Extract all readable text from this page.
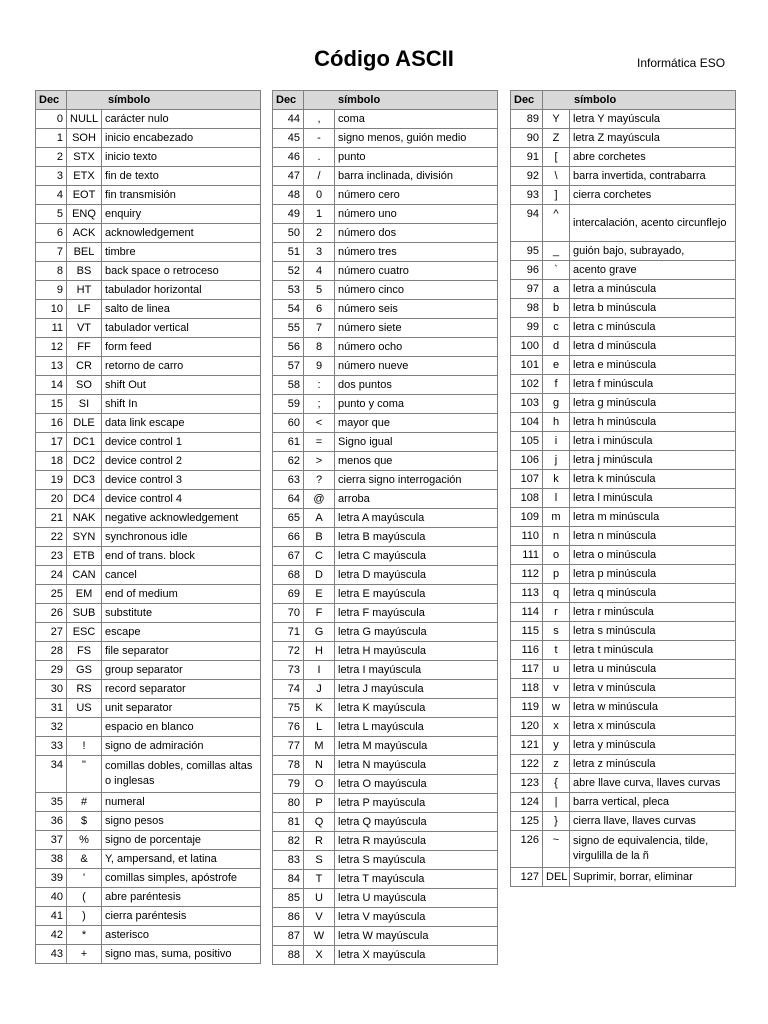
Código ASCII	Informática ESO
Dec	símbolo	
0	NULL	carácter nulo
1	SOH	inicio encabezado
2	STX	inicio texto
3	ETX	fin de texto
4	EOT	fin transmisión
5	ENQ	enquiry
6	ACK	acknowledgement
7	BEL	timbre
8	BS	back space o retroceso
9	HT	tabulador horizontal
10	LF	salto de linea
11	VT	tabulador vertical
12	FF	form feed
13	CR	retorno de carro
14	SO	shift Out
15	SI	shift In
16	DLE	data link escape
17	DC1	device control 1
18	DC2	device control 2
19	DC3	device control 3
20	DC4	device control 4
21	NAK	negative acknowledgement
22	SYN	synchronous idle
23	ETB	end of trans. block
24	CAN	cancel
25	EM	end of medium
26	SUB	substitute
27	ESC	escape
28	FS	file separator
29	GS	group separator
30	RS	record separator
31	US	unit separator
32		espacio en blanco
33	!	signo de admiración
34	"	comillas dobles, comillas altas o inglesas
35	#	numeral
36	$	signo pesos
37	%	signo de porcentaje
38	&	Y, ampersand, et latina
39	'	comillas simples, apóstrofe
40	(	abre paréntesis
41	)	cierra paréntesis
42	*	asterisco
43	+	signo mas, suma, positivo
Dec	símbolo	
44	,	coma
45	-	signo menos, guión medio
46	.	punto
47	/	barra inclinada, división
48	0	número cero
49	1	número uno
50	2	número dos
51	3	número tres
52	4	número cuatro
53	5	número cinco
54	6	número seis
55	7	número siete
56	8	número ocho
57	9	número nueve
58	:	dos puntos
59	;	punto y coma
60	<	mayor que
61	=	Signo igual
62	>	menos que
63	?	cierra signo interrogación
64	@	arroba
65	A	letra A mayúscula
66	B	letra B mayúscula
67	C	letra C mayúscula
68	D	letra D mayúscula
69	E	letra E mayúscula
70	F	letra F mayúscula
71	G	letra G mayúscula
72	H	letra H mayúscula
73	I	letra I mayúscula
74	J	letra J mayúscula
75	K	letra K mayúscula
76	L	letra L mayúscula
77	M	letra M mayúscula
78	N	letra N mayúscula
79	O	letra O mayúscula
80	P	letra P mayúscula
81	Q	letra Q mayúscula
82	R	letra R mayúscula
83	S	letra S mayúscula
84	T	letra T mayúscula
85	U	letra U mayúscula
86	V	letra V mayúscula
87	W	letra W mayúscula
88	X	letra X mayúscula
Dec	símbolo	
89	Y	letra Y mayúscula
90	Z	letra Z mayúscula
91	[	abre corchetes
92	\	barra invertida, contrabarra
93	]	cierra corchetes
94	^	intercalación, acento circunflejo
95	_	guión bajo, subrayado,
96	`	acento grave
97	a	letra a minúscula
98	b	letra b minúscula
99	c	letra c minúscula
100	d	letra d minúscula
101	e	letra e minúscula
102	f	letra f minúscula
103	g	letra g minúscula
104	h	letra h minúscula
105	i	letra i minúscula
106	j	letra j minúscula
107	k	letra k minúscula
108	l	letra l minúscula
109	m	letra m minúscula
110	n	letra n minúscula
111	o	letra o minúscula
112	p	letra p minúscula
113	q	letra q minúscula
114	r	letra r minúscula
115	s	letra s minúscula
116	t	letra t minúscula
117	u	letra u minúscula
118	v	letra v minúscula
119	w	letra w minúscula
120	x	letra x minúscula
121	y	letra y minúscula
122	z	letra z minúscula
123	{	abre llave curva, llaves curvas
124	|	barra vertical, pleca
125	}	cierra llave, llaves curvas
126	~	signo de equivalencia, tilde, virgulilla de la ñ
127	DEL	Suprimir, borrar, eliminar
